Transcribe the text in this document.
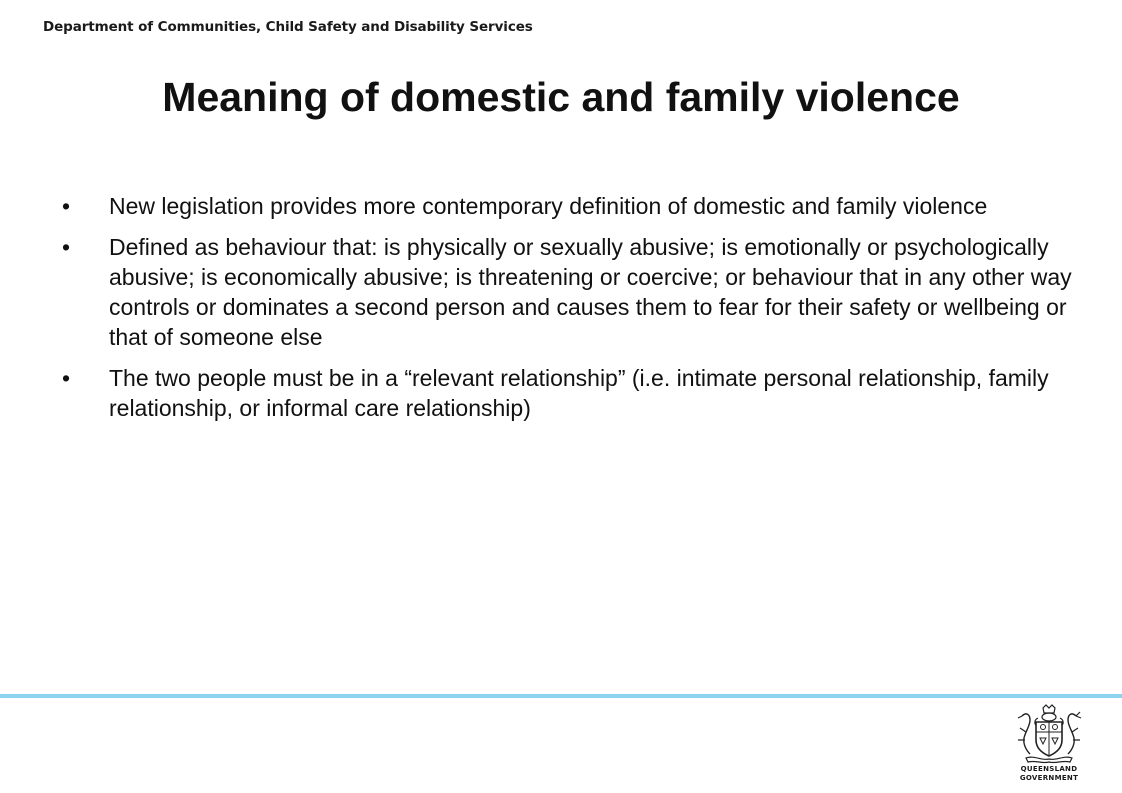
Department of Communities, Child Safety and Disability Services
Meaning of domestic and family violence
• New legislation provides more contemporary definition of domestic and family violence
• Defined as behaviour that: is physically or sexually abusive; is emotionally or psychologically abusive; is economically abusive; is threatening or coercive; or behaviour that in any other way controls or dominates a second person and causes them to fear for their safety or wellbeing or that of someone else
• The two people must be in a “relevant relationship” (i.e. intimate personal relationship, family relationship, or informal care relationship)
QUEENSLAND
GOVERNMENT
